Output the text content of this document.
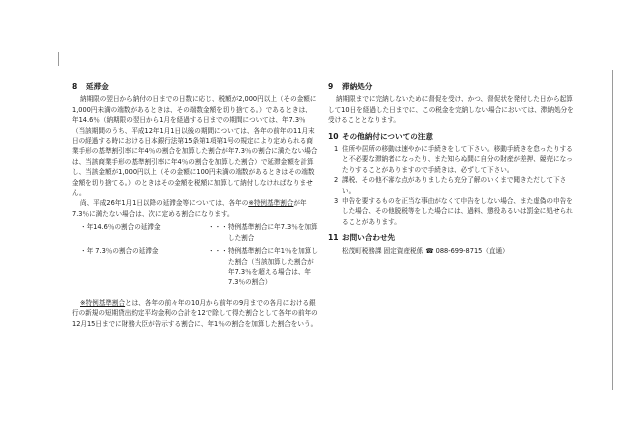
8	延滞金

納期限の翌日から納付の日までの日数に応じ、税額が2,000円以上（その金額に1,000円未満の端数があるときは、その端数金額を切り捨てる。）であるときは、年14.6％（納期限の翌日から1月を経過する日までの期間については、年7.3％（当該期間のうち、平成12年1月1日以後の期間については、各年の前年の11月末日の経過する時における日本銀行法第15条第1項第1号の規定により定められる商業手形の基準割引率に年4％の割合を加算した割合が年7.3％の割合に満たない場合は、当該商業手形の基準割引率に年4％の割合を加算した割合）で延滞金額を計算し、当該金額が1,000円以上（その金額に100円未満の端数があるときはその端数金額を切り捨てる。）のときはその金額を税額に加算して納付しなければなりません。

尚、平成26年1月1日以降の延滞金等については、各年の※特例基準割合が年7.3％に満たない場合は、次に定める割合になります。

・年14.6％の割合の延滞金	・・・ 特例基準割合に年7.3％を加算した割合
・年 7.3％の割合の延滞金	・・・ 特例基準割合に年1％を加算した割合（当該加算した割合が年7.3％を超える場合は、年7.3％の割合）

※特例基準割合とは、各年の前々年の10月から前年の9月までの各月における銀行の新規の短期貸出約定平均金利の合計を12で除して得た割合として各年の前年の12月15日までに財務大臣が告示する割合に、年1％の割合を加算した割合をいう。

9	滞納処分

納期限までに完納しないために督促を受け、かつ、督促状を発付した日から起算して10日を経過した日までに、この税金を完納しない場合においては、滞納処分を受けることとなります。

10 その他納付についての注意
1 住所や居所の移動は速やかに手続きをして下さい。移動手続きを怠ったりすると不必要な滞納者になったり、また知らぬ間に自分の財産が差押、競売になったりすることがありますので手続きは、必ずして下さい。
2 課税、その他不審な点がありましたら充分了解のいくまで聞きただして下さい。
3 申告を要するものを正当な事由がなくて申告をしない場合、また虚偽の申告をした場合、その他脱税等をした場合には、過料、懲役あるいは罰金に処せられることがあります。
11 お問い合わせ先

松茂町税務課 固定資産税係 ☎ 088-699-8715（直通）
